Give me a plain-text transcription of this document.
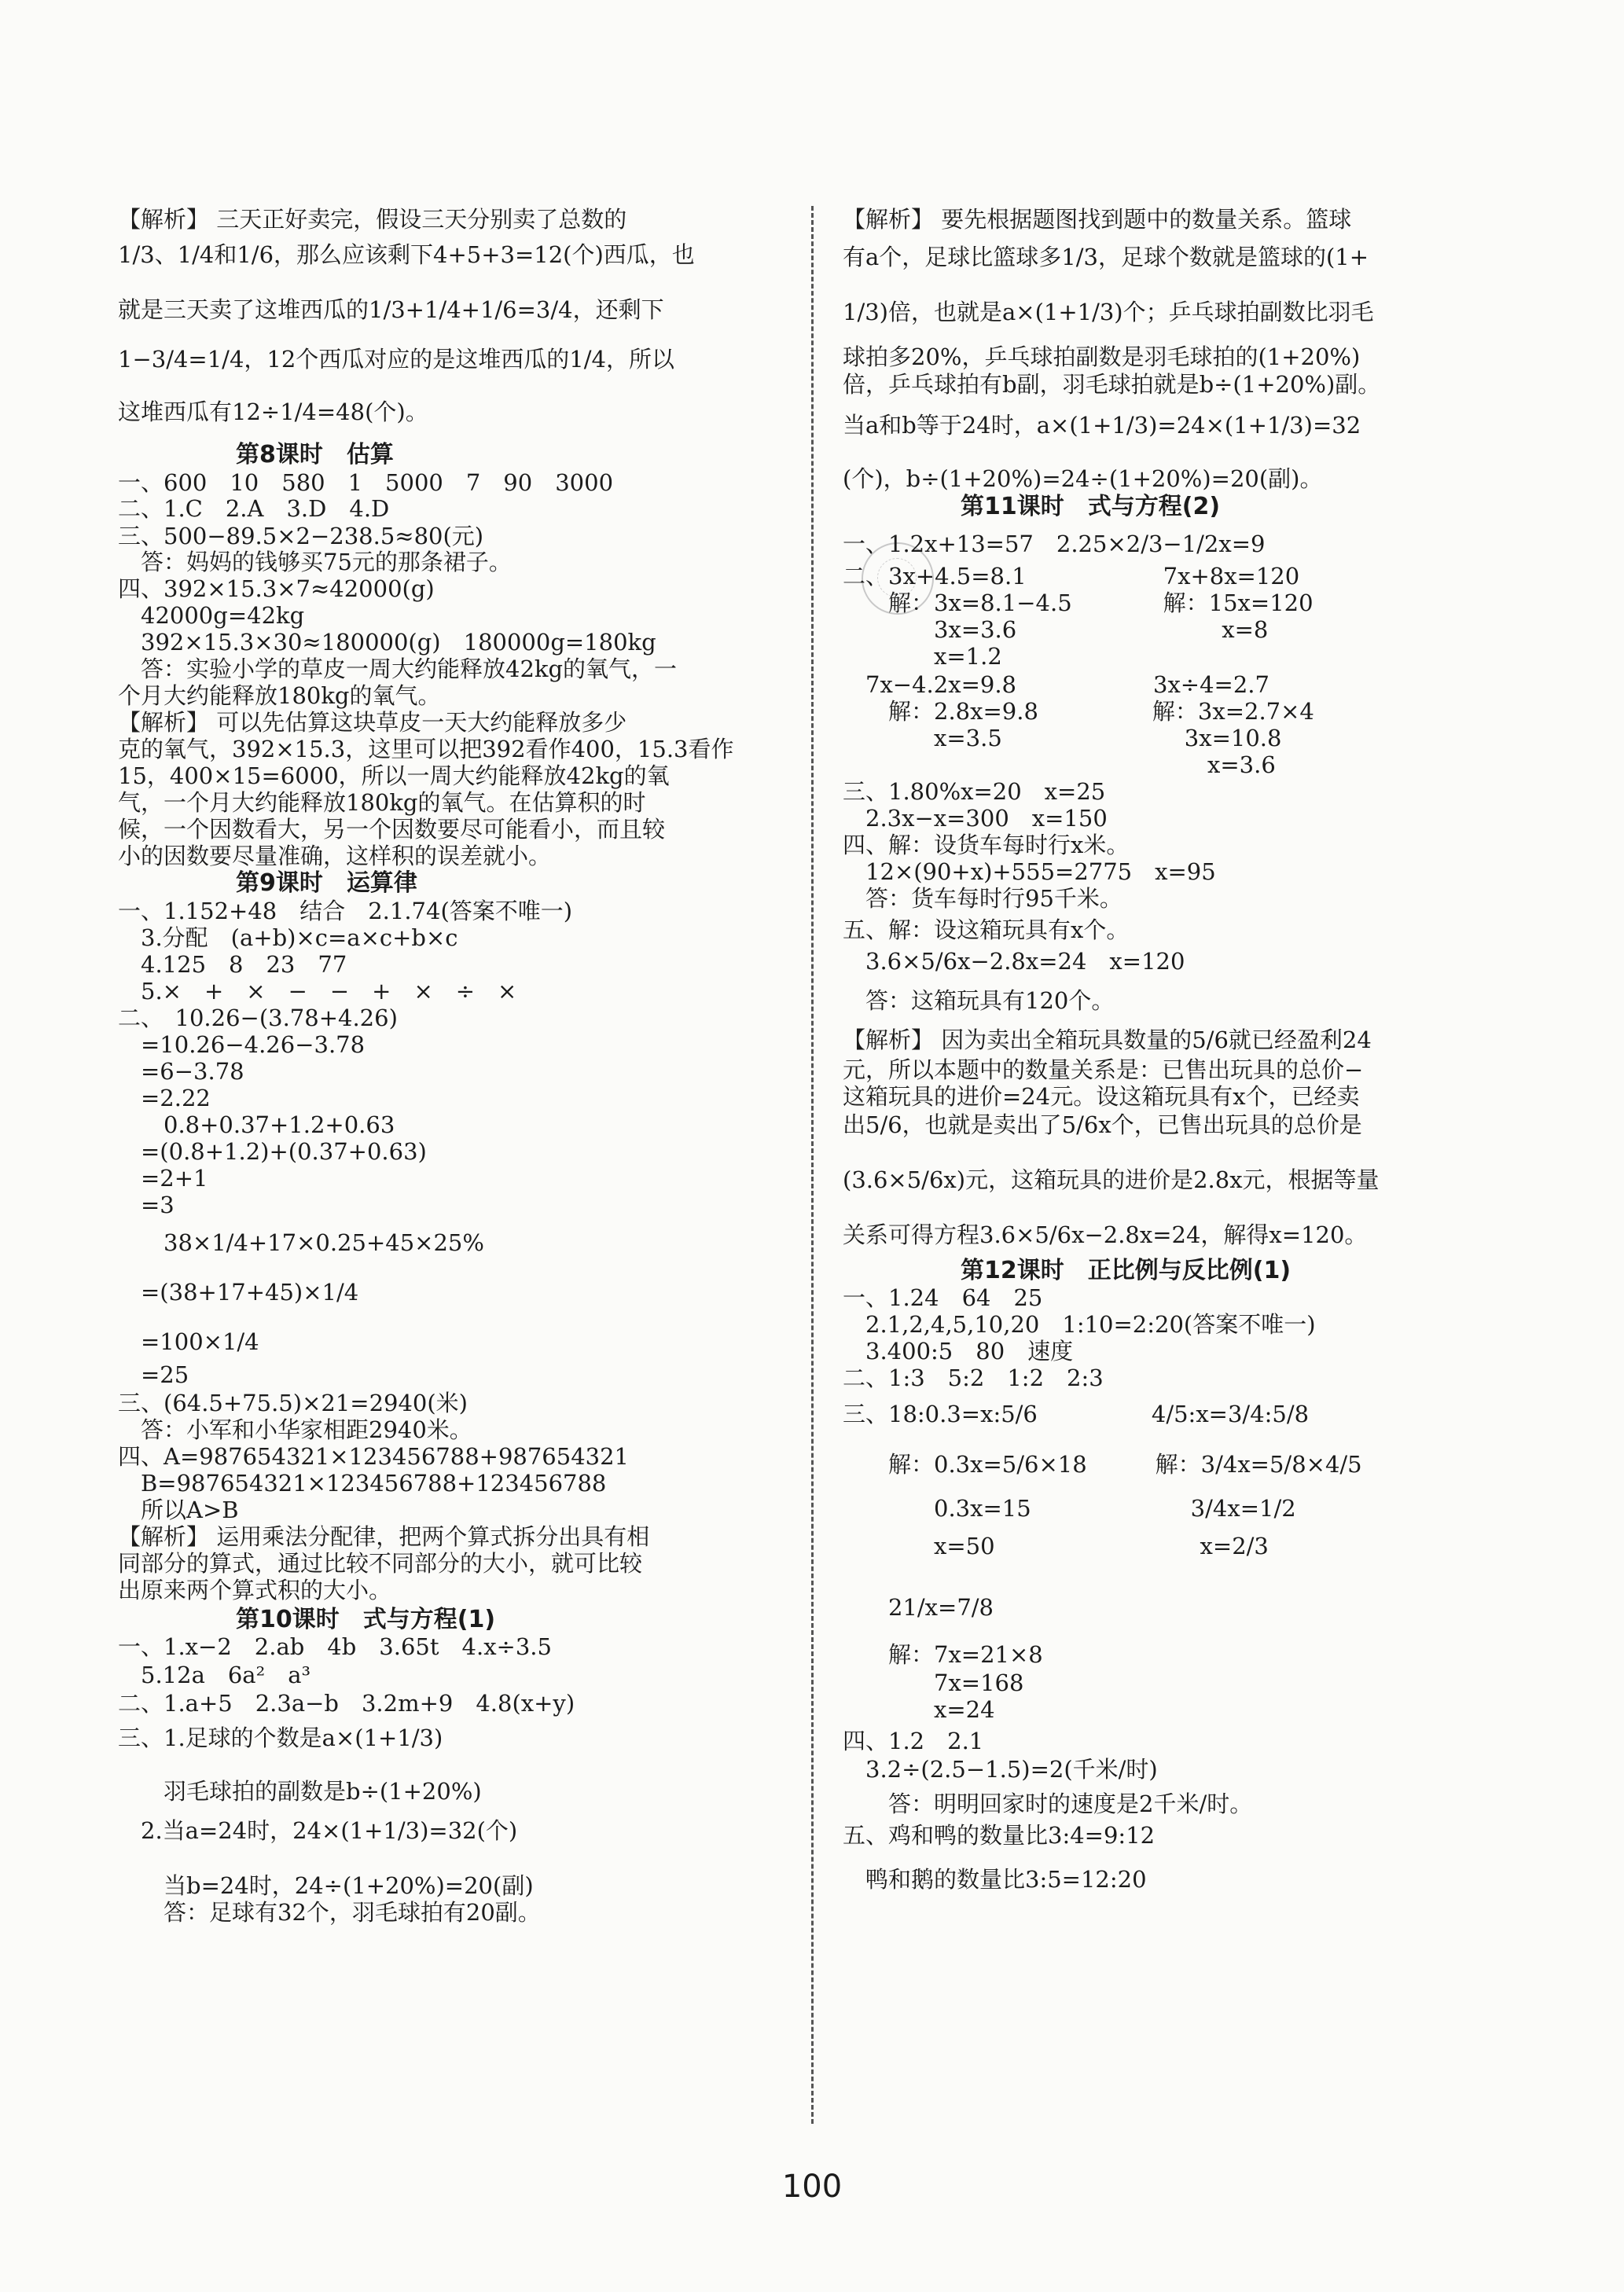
【解析】 三天正好卖完，假设三天分别卖了总数的
1/3、1/4和1/6，那么应该剩下4+5+3=12(个)西瓜，也
就是三天卖了这堆西瓜的1/3+1/4+1/6=3/4，还剩下
1−3/4=1/4，12个西瓜对应的是这堆西瓜的1/4，所以
这堆西瓜有12÷1/4=48(个)。
第8课时　估算
一、600　10　580　1　5000　7　90　3000
二、1.C　2.A　3.D　4.D
三、500−89.5×2−238.5≈80(元)
　答：妈妈的钱够买75元的那条裙子。
四、392×15.3×7≈42000(g)
　42000g=42kg
　392×15.3×30≈180000(g)　180000g=180kg
　答：实验小学的草皮一周大约能释放42kg的氧气，一
个月大约能释放180kg的氧气。
【解析】 可以先估算这块草皮一天大约能释放多少
克的氧气，392×15.3，这里可以把392看作400，15.3看作
15，400×15=6000，所以一周大约能释放42kg的氧
气，一个月大约能释放180kg的氧气。在估算积的时
候，一个因数看大，另一个因数要尽可能看小，而且较
小的因数要尽量准确，这样积的误差就小。
第9课时　运算律
一、1.152+48　结合　2.1.74(答案不唯一)
　3.分配　(a+b)×c=a×c+b×c
　4.125　8　23　77
　5.×　+　×　−　−　+　×　÷　×
二、　10.26−(3.78+4.26)
　=10.26−4.26−3.78
　=6−3.78
　=2.22
　　0.8+0.37+1.2+0.63
　=(0.8+1.2)+(0.37+0.63)
　=2+1
　=3
　　38×1/4+17×0.25+45×25%
　=(38+17+45)×1/4
　=100×1/4
　=25
三、(64.5+75.5)×21=2940(米)
　答：小军和小华家相距2940米。
四、A=987654321×123456788+987654321
　B=987654321×123456788+123456788
　所以A>B
【解析】 运用乘法分配律，把两个算式拆分出具有相
同部分的算式，通过比较不同部分的大小，就可比较
出原来两个算式积的大小。
第10课时　式与方程(1)
一、1.x−2　2.ab　4b　3.65t　4.x÷3.5
　5.12a　6a²　a³
二、1.a+5　2.3a−b　3.2m+9　4.8(x+y)
三、1.足球的个数是a×(1+1/3)
　　羽毛球拍的副数是b÷(1+20%)
　2.当a=24时，24×(1+1/3)=32(个)
　　当b=24时，24÷(1+20%)=20(副)
　　答：足球有32个，羽毛球拍有20副。
【解析】 要先根据题图找到题中的数量关系。篮球
有a个，足球比篮球多1/3，足球个数就是篮球的(1+
1/3)倍，也就是a×(1+1/3)个；乒乓球拍副数比羽毛
球拍多20%，乒乓球拍副数是羽毛球拍的(1+20%)
倍，乒乓球拍有b副，羽毛球拍就是b÷(1+20%)副。
当a和b等于24时，a×(1+1/3)=24×(1+1/3)=32
(个)，b÷(1+20%)=24÷(1+20%)=20(副)。
第11课时　式与方程(2)
一、1.2x+13=57　2.25×2/3−1/2x=9
二、3x+4.5=8.1　　　　　　7x+8x=120
　　解：3x=8.1−4.5　　　　解：15x=120
　　　　3x=3.6　　　　　　　　　x=8
　　　　x=1.2
　7x−4.2x=9.8　　　　　　3x÷4=2.7
　　解：2.8x=9.8　　　　　解：3x=2.7×4
　　　　x=3.5　　　　　　　　3x=10.8
　　　　　　　　　　　　　　　　x=3.6
三、1.80%x=20　x=25
　2.3x−x=300　x=150
四、解：设货车每时行x米。
　12×(90+x)+555=2775　x=95
　答：货车每时行95千米。
五、解：设这箱玩具有x个。
　3.6×5/6x−2.8x=24　x=120
　答：这箱玩具有120个。
【解析】 因为卖出全箱玩具数量的5/6就已经盈利24
元，所以本题中的数量关系是：已售出玩具的总价−
这箱玩具的进价=24元。设这箱玩具有x个，已经卖
出5/6，也就是卖出了5/6x个，已售出玩具的总价是
(3.6×5/6x)元，这箱玩具的进价是2.8x元，根据等量
关系可得方程3.6×5/6x−2.8x=24，解得x=120。
第12课时　正比例与反比例(1)
一、1.24　64　25
　2.1,2,4,5,10,20　1:10=2:20(答案不唯一)
　3.400:5　80　速度
二、1:3　5:2　1:2　2:3
三、18:0.3=x:5/6　　　　　4/5:x=3/4:5/8
　　解：0.3x=5/6×18　　　解：3/4x=5/8×4/5
　　　　0.3x=15　　　　　　　3/4x=1/2
　　　　x=50　　　　　　　　　x=2/3
　　21/x=7/8
　　解：7x=21×8
　　　　7x=168
　　　　x=24
四、1.2　2.1
　3.2÷(2.5−1.5)=2(千米/时)
　　答：明明回家时的速度是2千米/时。
五、鸡和鸭的数量比3:4=9:12
　鸭和鹅的数量比3:5=12:20
100
